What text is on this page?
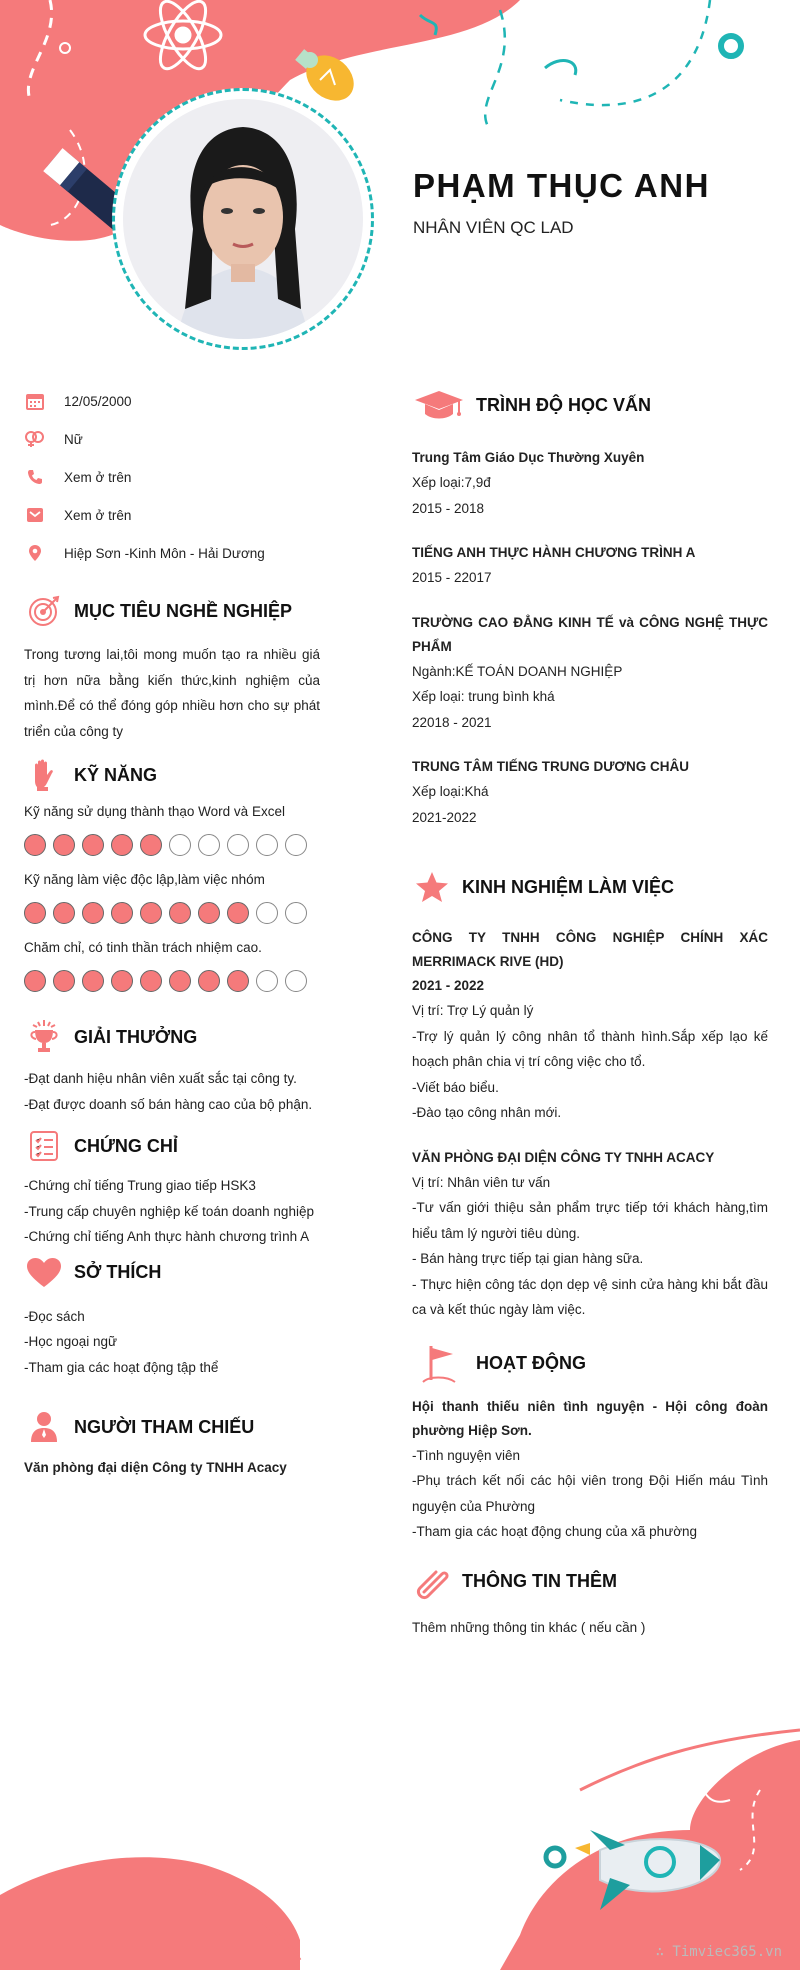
PHẠM THỤC ANH
NHÂN VIÊN QC LAD
12/05/2000
Nữ
Xem ở trên
Xem ở trên
Hiệp Sơn -Kinh Môn - Hải Dương
MỤC TIÊU NGHỀ NGHIỆP
Trong tương lai,tôi mong muốn tạo ra nhiều giá trị hơn nữa bằng kiến thức,kinh nghiệm của mình.Để có thể đóng góp nhiều hơn cho sự phát triển của công ty
KỸ NĂNG
Kỹ năng sử dụng thành thạo Word và Excel
Kỹ năng làm việc độc lập,làm việc nhóm
Chăm chỉ, có tinh thần trách nhiệm cao.
GIẢI THƯỞNG
-Đạt danh hiệu nhân viên xuất sắc tại công ty.
-Đạt được doanh số bán hàng cao của bộ phận.
CHỨNG CHỈ
-Chứng chỉ tiếng Trung giao tiếp HSK3
-Trung cấp chuyên nghiệp kế toán doanh nghiệp
-Chứng chỉ tiếng Anh thực hành chương trình A
SỞ THÍCH
-Đọc sách
-Học ngoại ngữ
-Tham gia các hoạt động tập thể
NGƯỜI THAM CHIẾU
Văn phòng đại diện Công ty TNHH Acacy
TRÌNH ĐỘ HỌC VẤN
Trung Tâm Giáo Dục Thường Xuyên
Xếp loại:7,9đ
2015 - 2018
TIẾNG ANH THỰC HÀNH CHƯƠNG TRÌNH A
2015 - 22017
TRƯỜNG CAO ĐẲNG KINH TẾ và CÔNG NGHỆ THỰC PHẨM
Ngành:KẾ TOÁN DOANH NGHIỆP
Xếp loại: trung bình khá
22018 - 2021
TRUNG TÂM TIẾNG TRUNG DƯƠNG CHÂU
Xếp loại:Khá
2021-2022
KINH NGHIỆM LÀM VIỆC
CÔNG TY TNHH CÔNG NGHIỆP CHÍNH XÁC MERRIMACK RIVE (HD)
2021 - 2022
Vị trí: Trợ Lý quản lý
-Trợ lý quản lý công nhân tổ thành hình.Sắp xếp lạo kế hoạch phân chia vị trí công việc cho tổ.
-Viết báo biểu.
-Đào tạo công nhân mới.
VĂN PHÒNG ĐẠI DIỆN CÔNG TY TNHH ACACY
Vị trí: Nhân viên tư vấn
-Tư vấn giới thiệu sản phẩm trực tiếp tới khách hàng,tìm hiểu tâm lý người tiêu dùng.
- Bán hàng trực tiếp tại gian hàng sữa.
- Thực hiện công tác dọn dẹp vệ sinh cửa hàng khi bắt đầu ca và kết thúc ngày làm việc.
HOẠT ĐỘNG
Hội thanh thiếu niên tình nguyện - Hội công đoàn phường Hiệp Sơn.
-Tình nguyện viên
-Phụ trách kết nối các hội viên trong Đội Hiến máu Tình nguyện của Phường
-Tham gia các hoạt động chung của xã phường
THÔNG TIN THÊM
Thêm những thông tin khác ( nếu cần )
∴ Timviec365.vn
